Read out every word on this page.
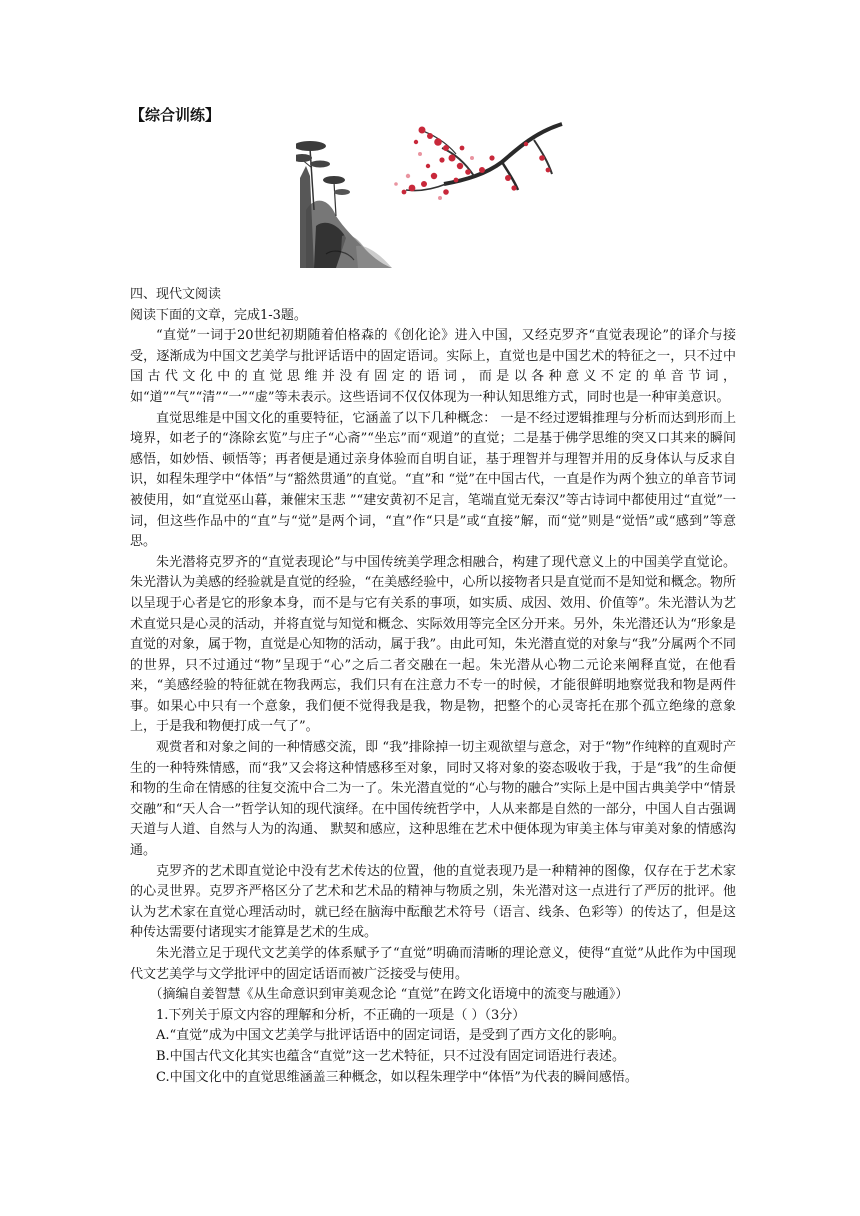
【综合训练】

四、现代文阅读

阅读下面的文章，完成1-3题。

“直觉”一词于20世纪初期随着伯格森的《创化论》进入中国，又经克罗齐“直觉表现论”的译介与接受，逐渐成为中国文艺美学与批评话语中的固定语词。实际上，直觉也是中国艺术的特征之一，只不过中国古代文化中的直觉思维并没有固定的语词，而是以各种意义不定的单音节词，如“道”“气”“清”“一”“虚”等未表示。这些语词不仅仅体现为一种认知思维方式，同时也是一种审美意识。

直觉思维是中国文化的重要特征，它涵盖了以下几种概念： 一是不经过逻辑推理与分析而达到形而上境界，如老子的“涤除玄览”与庄子“心斋”“坐忘”而“观道”的直觉；二是基于佛学思维的突又口其来的瞬间感悟，如妙悟、顿悟等；再者便是通过亲身体验而自明自证，基于理智并与理智并用的反身体认与反求自识，如程朱理学中“体悟”与“豁然贯通”的直觉。“直”和 “觉”在中国古代，一直是作为两个独立的单音节词被使用，如“直觉巫山暮，兼催宋玉悲 ”“建安黄初不足言，笔端直觉无秦汉”等古诗词中都使用过“直觉”一词，但这些作品中的“直”与“觉”是两个词，“直”作“只是”或“直接”解，而“觉”则是“觉悟”或“感到”等意思。

朱光潜将克罗齐的“直觉表现论”与中国传统美学理念相融合，构建了现代意义上的中国美学直觉论。朱光潜认为美感的经验就是直觉的经验，“在美感经验中，心所以接物者只是直觉而不是知觉和概念。物所以呈现于心者是它的形象本身，而不是与它有关系的事项，如实质、成因、效用、价值等”。朱光潜认为艺术直觉只是心灵的活动，并将直觉与知觉和概念、实际效用等完全区分开来。另外，朱光潜还认为“形象是直觉的对象，属于物，直觉是心知物的活动，属于我”。由此可知，朱光潜直觉的对象与“我”分属两个不同的世界，只不过通过“物”呈现于“心”之后二者交融在一起。朱光潜从心物二元论来阐释直觉，在他看来，“美感经验的特征就在物我两忘，我们只有在注意力不专一的时候，才能很鲜明地察觉我和物是两件事。如果心中只有一个意象，我们便不觉得我是我，物是物，把整个的心灵寄托在那个孤立绝缘的意象上，于是我和物便打成一气了”。

观赏者和对象之间的一种情感交流，即 “我”排除掉一切主观欲望与意念，对于“物”作纯粹的直观时产生的一种特殊情感，而“我”又会将这种情感移至对象，同时又将对象的姿态吸收于我，于是“我”的生命便和物的生命在情感的往复交流中合二为一了。朱光潜直觉的“心与物的融合”实际上是中国古典美学中“情景交融”和“天人合一”哲学认知的现代演绎。在中国传统哲学中，人从来都是自然的一部分，中国人自古强调天道与人道、自然与人为的沟通、 默契和感应，这种思维在艺术中便体现为审美主体与审美对象的情感沟通。

克罗齐的艺术即直觉论中没有艺术传达的位置，他的直觉表现乃是一种精神的图像，仅存在于艺术家的心灵世界。克罗齐严格区分了艺术和艺术品的精神与物质之别，朱光潜对这一点进行了严厉的批评。他认为艺术家在直觉心理活动时，就已经在脑海中酝酿艺术符号（语言、线条、色彩等）的传达了，但是这种传达需要付诸现实才能算是艺术的生成。

朱光潜立足于现代文艺美学的体系赋予了“直觉”明确而清晰的理论意义，使得“直觉”从此作为中国现代文艺美学与文学批评中的固定话语而被广泛接受与使用。

（摘编自姜智慧《从生命意识到审美观念论 “直觉”在跨文化语境中的流变与融通》）

1.下列关于原文内容的理解和分析，不正确的一项是（ ）（3分）

A.“直觉”成为中国文艺美学与批评话语中的固定词语，是受到了西方文化的影响。

B.中国古代文化其实也蕴含“直觉”这一艺术特征，只不过没有固定词语进行表述。

C.中国文化中的直觉思维涵盖三种概念，如以程朱理学中“体悟”为代表的瞬间感悟。
